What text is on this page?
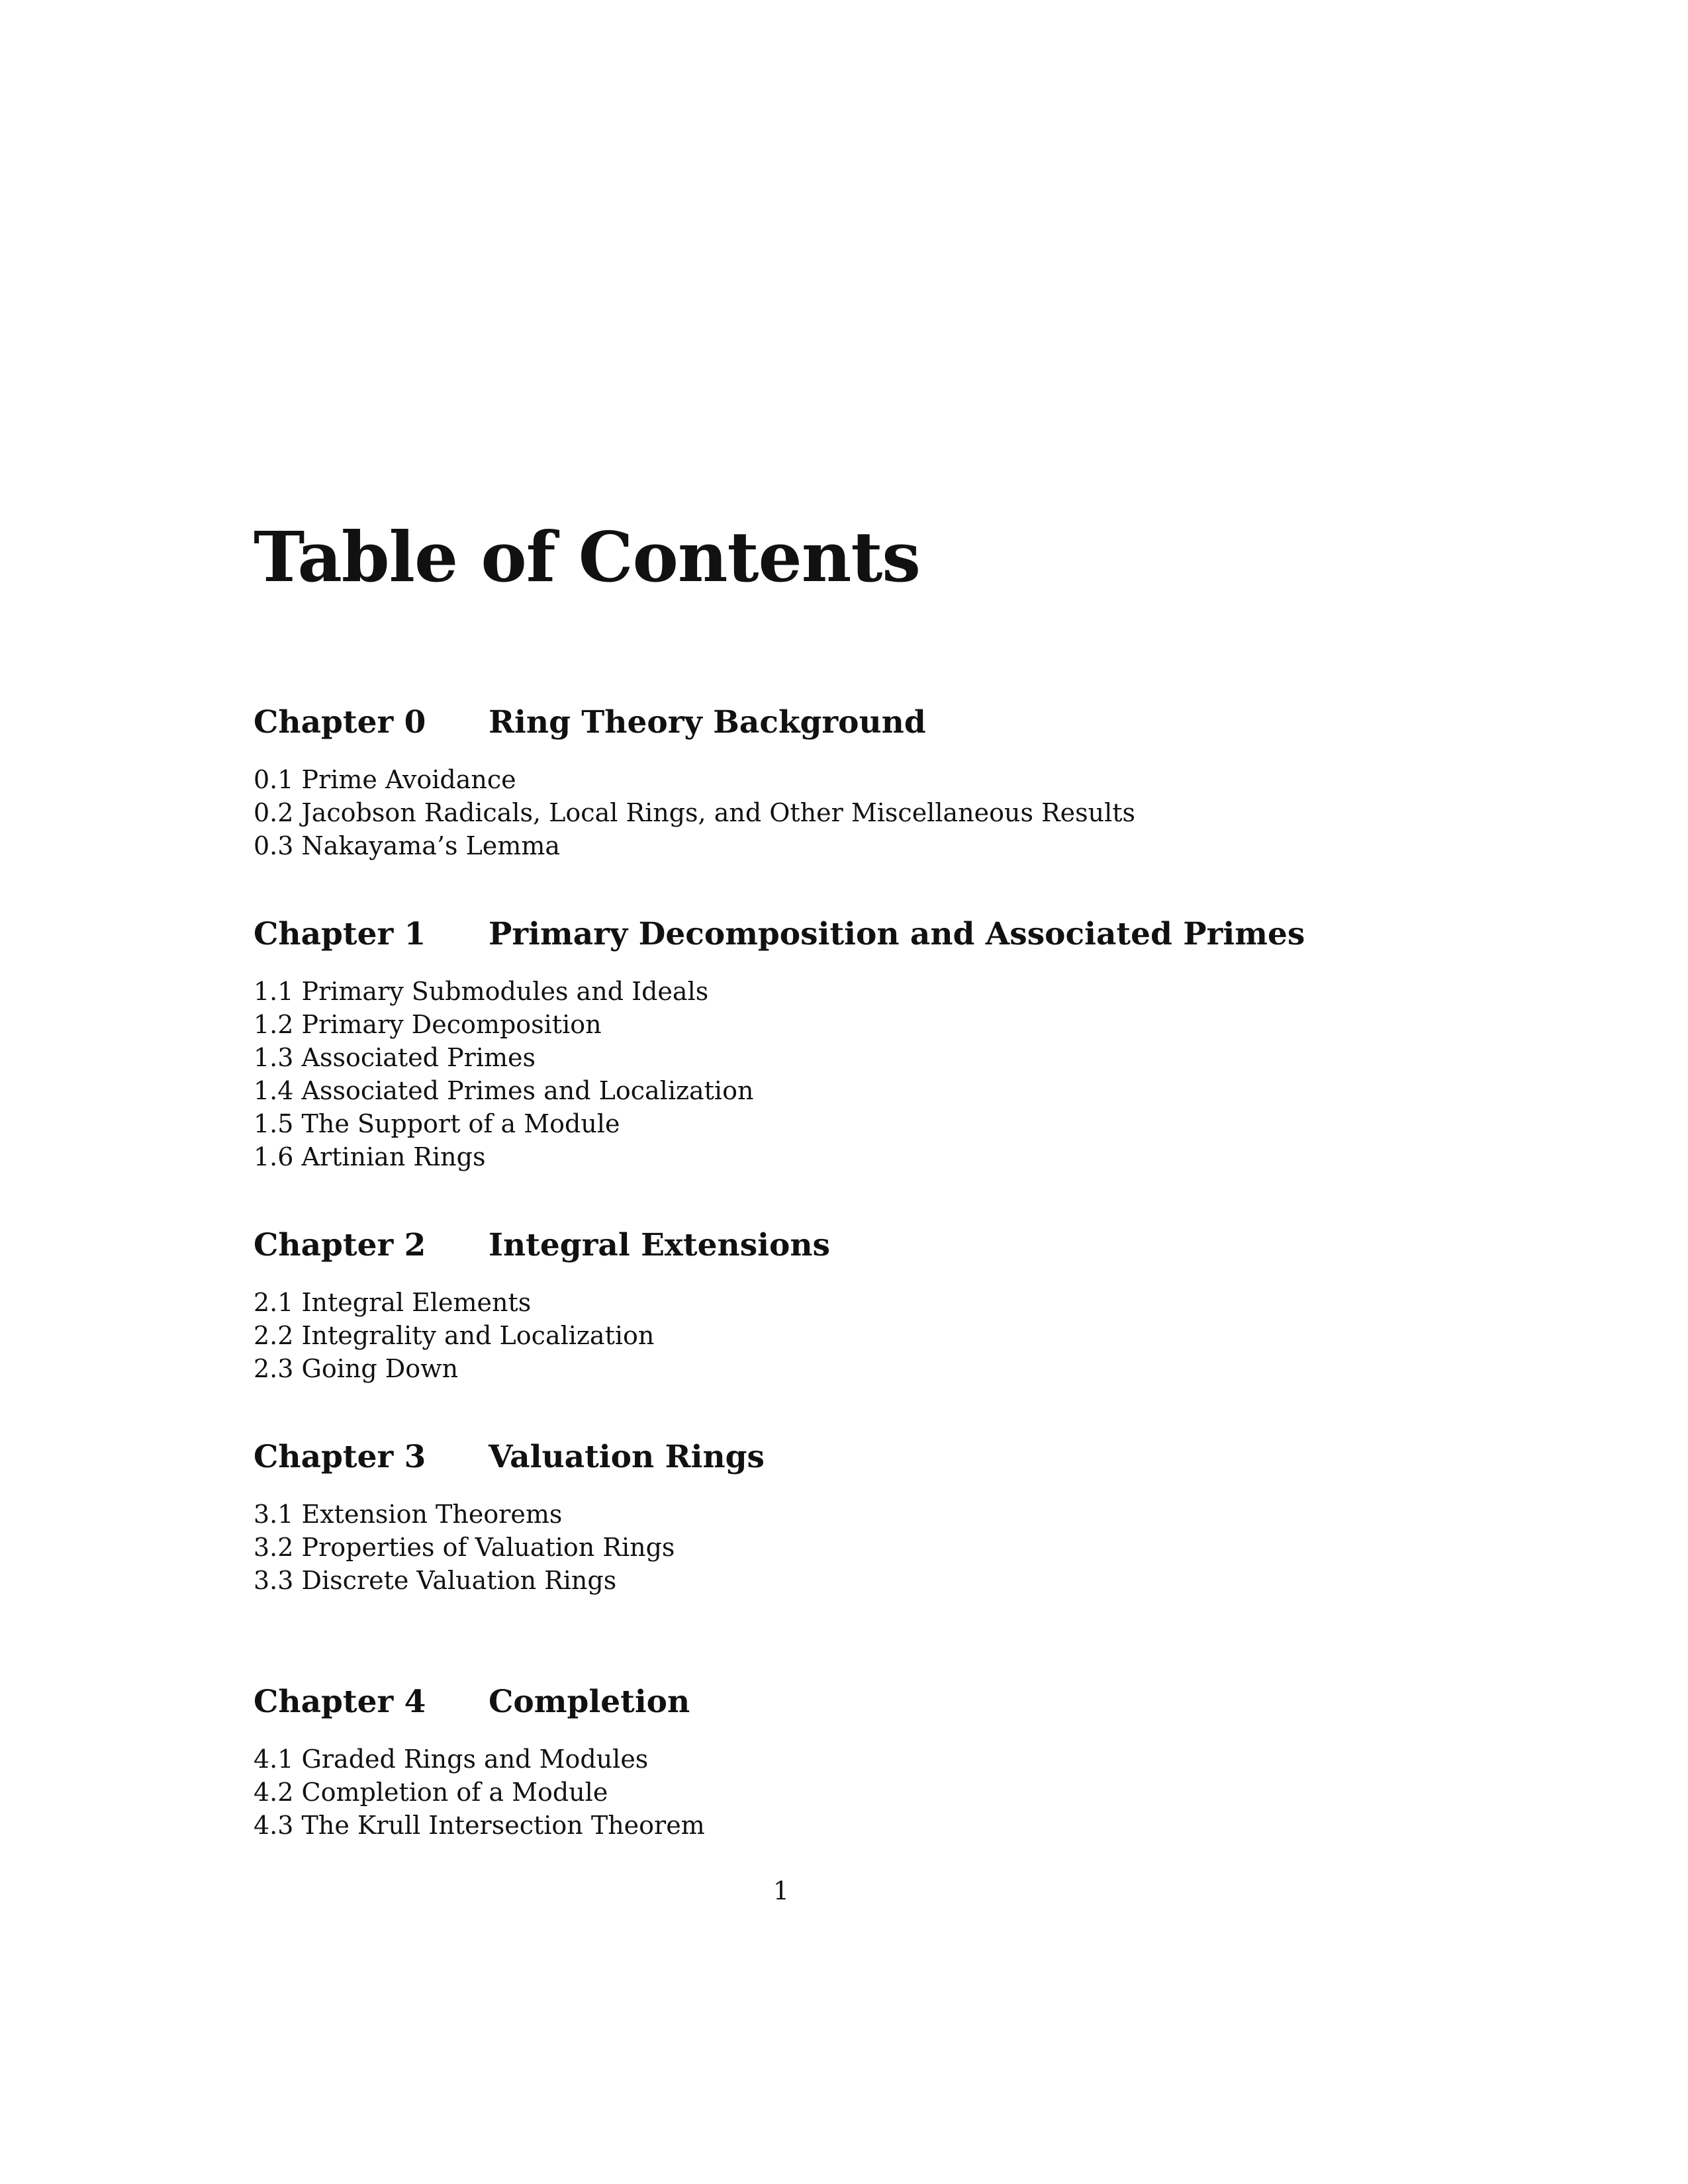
Table of Contents
Chapter 0	Ring Theory Background
0.1 Prime Avoidance
0.2 Jacobson Radicals, Local Rings, and Other Miscellaneous Results
0.3 Nakayama’s Lemma
Chapter 1	Primary Decomposition and Associated Primes
1.1 Primary Submodules and Ideals
1.2 Primary Decomposition
1.3 Associated Primes
1.4 Associated Primes and Localization
1.5 The Support of a Module
1.6 Artinian Rings
Chapter 2	Integral Extensions
2.1 Integral Elements
2.2 Integrality and Localization
2.3 Going Down
Chapter 3	Valuation Rings
3.1 Extension Theorems
3.2 Properties of Valuation Rings
3.3 Discrete Valuation Rings
Chapter 4	Completion
4.1 Graded Rings and Modules
4.2 Completion of a Module
4.3 The Krull Intersection Theorem
1
